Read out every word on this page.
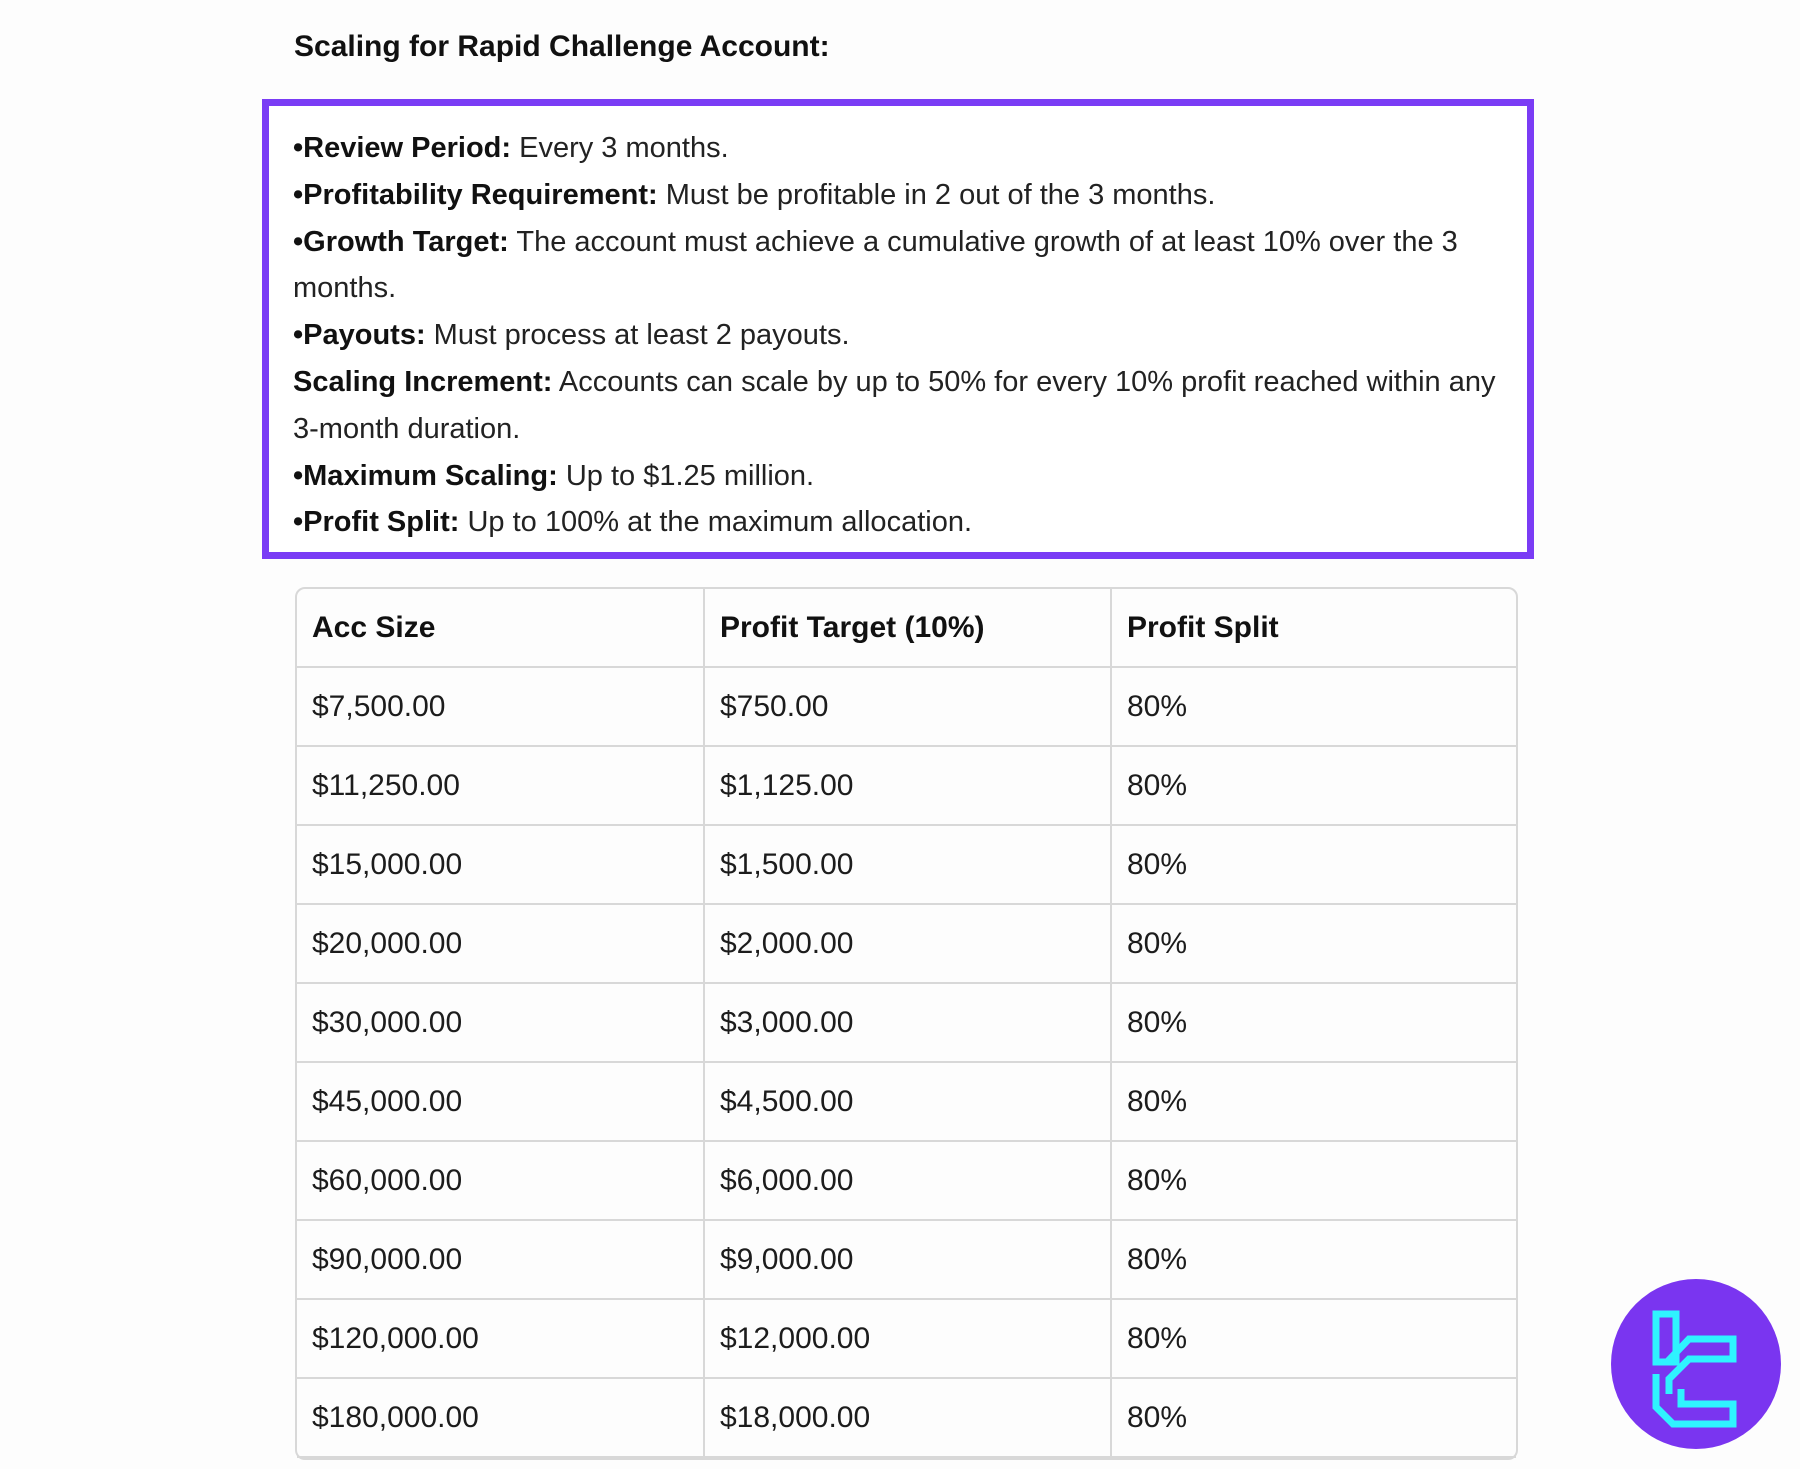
Scaling for Rapid Challenge Account:
•Review Period: Every 3 months.
•Profitability Requirement: Must be profitable in 2 out of the 3 months.
•Growth Target: The account must achieve a cumulative growth of at least 10% over the 3 months.
•Payouts: Must process at least 2 payouts.
Scaling Increment: Accounts can scale by up to 50% for every 10% profit reached within any 3-month duration.
•Maximum Scaling: Up to $1.25 million.
•Profit Split: Up to 100% at the maximum allocation.
Acc Size	Profit Target (10%)	Profit Split
$7,500.00	$750.00	80%
$11,250.00	$1,125.00	80%
$15,000.00	$1,500.00	80%
$20,000.00	$2,000.00	80%
$30,000.00	$3,000.00	80%
$45,000.00	$4,500.00	80%
$60,000.00	$6,000.00	80%
$90,000.00	$9,000.00	80%
$120,000.00	$12,000.00	80%
$180,000.00	$18,000.00	80%
